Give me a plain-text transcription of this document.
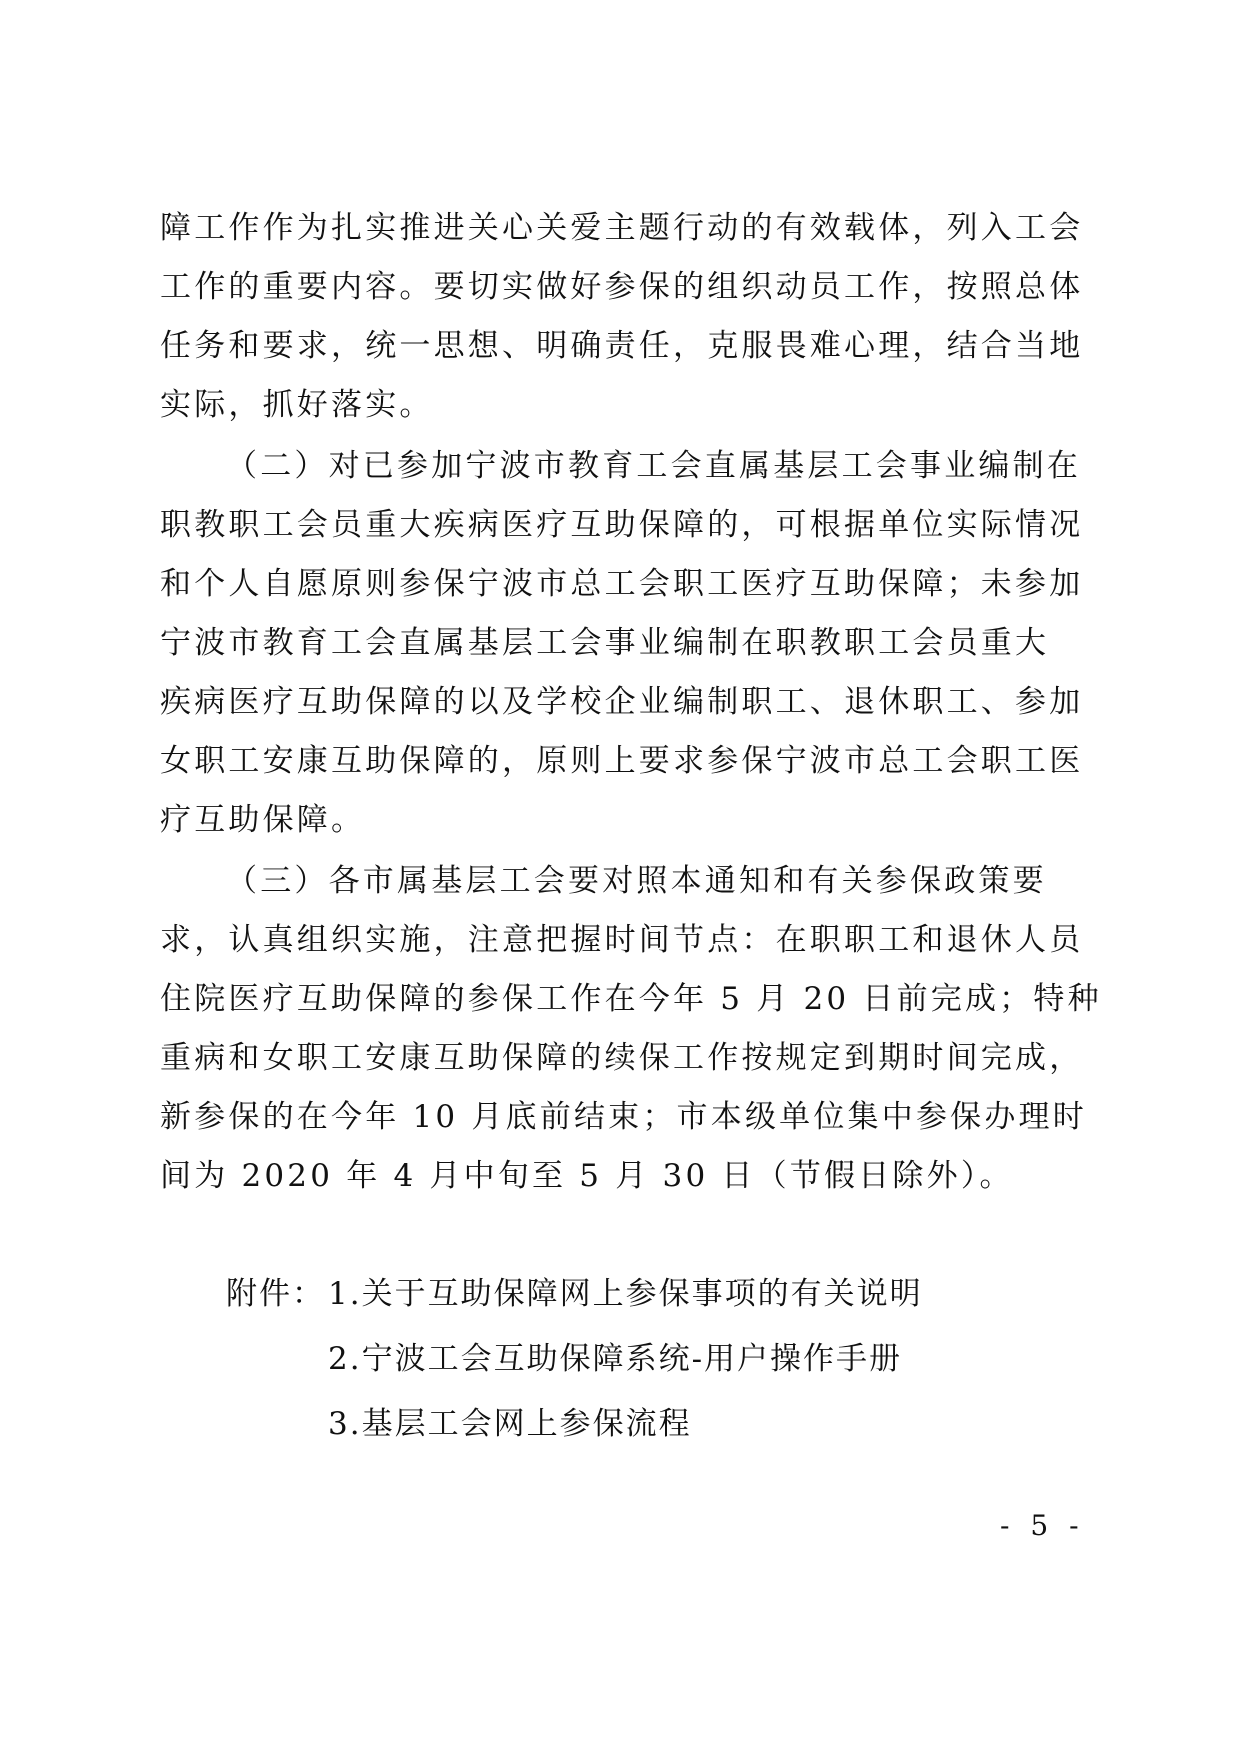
障工作作为扎实推进关心关爱主题行动的有效载体，列入工会
工作的重要内容。要切实做好参保的组织动员工作，按照总体
任务和要求，统一思想、明确责任，克服畏难心理，结合当地
实际，抓好落实。
（二）对已参加宁波市教育工会直属基层工会事业编制在
职教职工会员重大疾病医疗互助保障的，可根据单位实际情况
和个人自愿原则参保宁波市总工会职工医疗互助保障；未参加
宁波市教育工会直属基层工会事业编制在职教职工会员重大
疾病医疗互助保障的以及学校企业编制职工、退休职工、参加
女职工安康互助保障的，原则上要求参保宁波市总工会职工医
疗互助保障。
（三）各市属基层工会要对照本通知和有关参保政策要
求，认真组织实施，注意把握时间节点：在职职工和退休人员
住院医疗互助保障的参保工作在今年 5 月 20 日前完成；特种
重病和女职工安康互助保障的续保工作按规定到期时间完成，
新参保的在今年 10 月底前结束；市本级单位集中参保办理时
间为 2020 年 4 月中旬至 5 月 30 日（节假日除外）。
附件： 1.关于互助保障网上参保事项的有关说明
2.宁波工会互助保障系统-用户操作手册
3.基层工会网上参保流程
- 5 -
